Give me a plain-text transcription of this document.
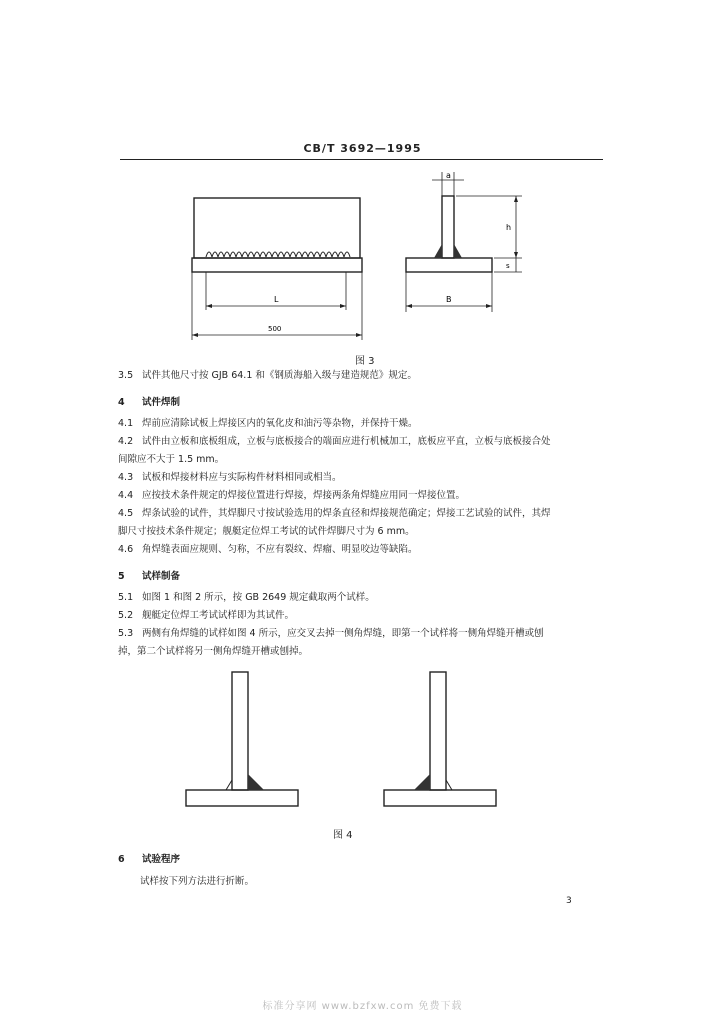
CB/T 3692—1995
L
500
a
h
s
B
图 3
3.5 试件其他尺寸按 GJB 64.1 和《钢质海船入级与建造规范》规定。
4 试件焊制
4.1 焊前应清除试板上焊接区内的氧化皮和油污等杂物，并保持干燥。
4.2 试件由立板和底板组成，立板与底板接合的端面应进行机械加工，底板应平直，立板与底板接合处
间隙应不大于 1.5 mm。
4.3 试板和焊接材料应与实际构件材料相同或相当。
4.4 应按技术条件规定的焊接位置进行焊接，焊接两条角焊缝应用同一焊接位置。
4.5 焊条试验的试件，其焊脚尺寸按试验选用的焊条直径和焊接规范确定；焊接工艺试验的试件，其焊
脚尺寸按技术条件规定；舰艇定位焊工考试的试件焊脚尺寸为 6 mm。
4.6 角焊缝表面应规则、匀称，不应有裂纹、焊瘤、明显咬边等缺陷。
5 试样制备
5.1 如图 1 和图 2 所示，按 GB 2649 规定截取两个试样。
5.2 舰艇定位焊工考试试样即为其试件。
5.3 两侧有角焊缝的试样如图 4 所示，应交叉去掉一侧角焊缝，即第一个试样将一侧角焊缝开槽或刨
掉，第二个试样将另一侧角焊缝开槽或刨掉。
图 4
6 试验程序
试样按下列方法进行折断。
3
标准分享网 www.bzfxw.com 免费下载
